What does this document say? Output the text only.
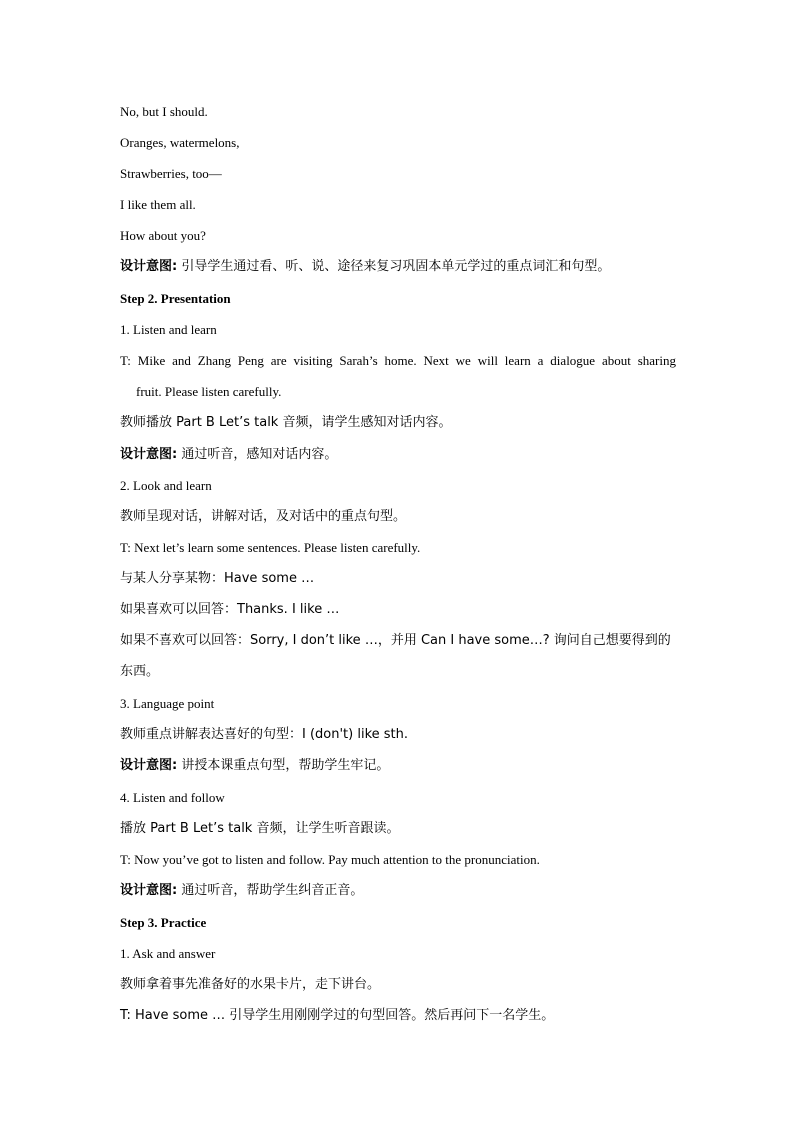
No, but I should.
Oranges, watermelons,
Strawberries, too—
I like them all.
How about you?
设计意图: 引导学生通过看、听、说、途径来复习巩固本单元学过的重点词汇和句型。
Step 2. Presentation
1. Listen and learn
T: Mike and Zhang Peng are visiting Sarah’s home. Next we will learn a dialogue about sharing
fruit. Please listen carefully.
教师播放 Part B Let’s talk 音频，请学生感知对话内容。
设计意图: 通过听音，感知对话内容。
2. Look and learn
教师呈现对话，讲解对话，及对话中的重点句型。
T: Next let’s learn some sentences. Please listen carefully.
与某人分享某物：Have some …
如果喜欢可以回答：Thanks. I like …
如果不喜欢可以回答：Sorry, I don’t like …，并用 Can I have some…? 询问自己想要得到的
东西。
3. Language point
教师重点讲解表达喜好的句型：I (don't) like sth.
设计意图: 讲授本课重点句型，帮助学生牢记。
4. Listen and follow
播放 Part B Let’s talk 音频，让学生听音跟读。
T: Now you’ve got to listen and follow. Pay much attention to the pronunciation.
设计意图: 通过听音，帮助学生纠音正音。
Step 3. Practice
1. Ask and answer
教师拿着事先准备好的水果卡片，走下讲台。
T: Have some … 引导学生用刚刚学过的句型回答。然后再问下一名学生。
